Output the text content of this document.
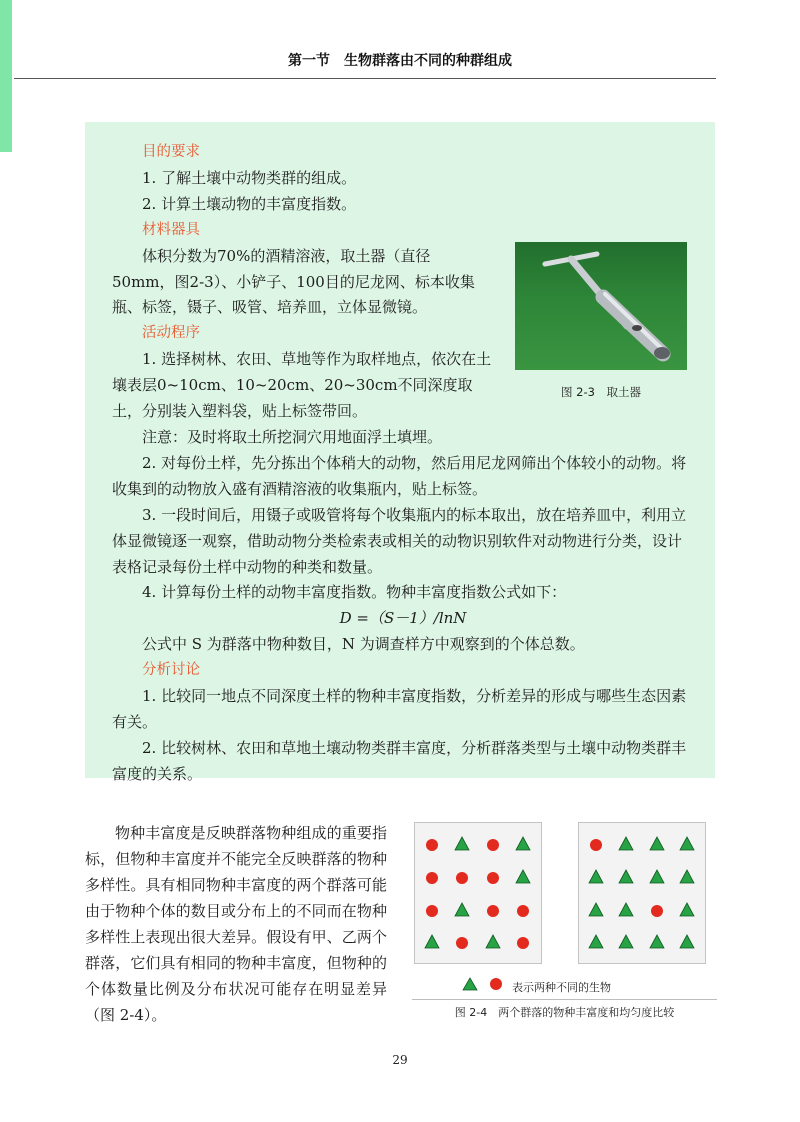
第一节　生物群落由不同的种群组成

目的要求

1. 了解土壤中动物类群的组成。

2. 计算土壤动物的丰富度指数。

材料器具

体积分数为70%的酒精溶液，取土器（直径50mm，图2-3）、小铲子、100目的尼龙网、标本收集瓶、标签，镊子、吸管、培养皿，立体显微镜。

活动程序

1. 选择树林、农田、草地等作为取样地点，依次在土壤表层0~10cm、10~20cm、20~30cm不同深度取土，分别装入塑料袋，贴上标签带回。

注意：及时将取土所挖洞穴用地面浮土填埋。

2. 对每份土样，先分拣出个体稍大的动物，然后用尼龙网筛出个体较小的动物。将收集到的动物放入盛有酒精溶液的收集瓶内，贴上标签。

3. 一段时间后，用镊子或吸管将每个收集瓶内的标本取出，放在培养皿中，利用立体显微镜逐一观察，借助动物分类检索表或相关的动物识别软件对动物进行分类，设计表格记录每份土样中动物的种类和数量。

4. 计算每份土样的动物丰富度指数。物种丰富度指数公式如下：

D =（S－1）/lnN

公式中 S 为群落中物种数目，N 为调查样方中观察到的个体总数。

分析讨论

1. 比较同一地点不同深度土样的物种丰富度指数，分析差异的形成与哪些生态因素有关。

2. 比较树林、农田和草地土壤动物类群丰富度，分析群落类型与土壤中动物类群丰富度的关系。

图 2-3　取土器

物种丰富度是反映群落物种组成的重要指标，但物种丰富度并不能完全反映群落的物种多样性。具有相同物种丰富度的两个群落可能由于物种个体的数目或分布上的不同而在物种多样性上表现出很大差异。假设有甲、乙两个群落，它们具有相同的物种丰富度，但物种的个体数量比例及分布状况可能存在明显差异（图 2-4）。

表示两种不同的生物
图 2-4　两个群落的物种丰富度和均匀度比较
29
